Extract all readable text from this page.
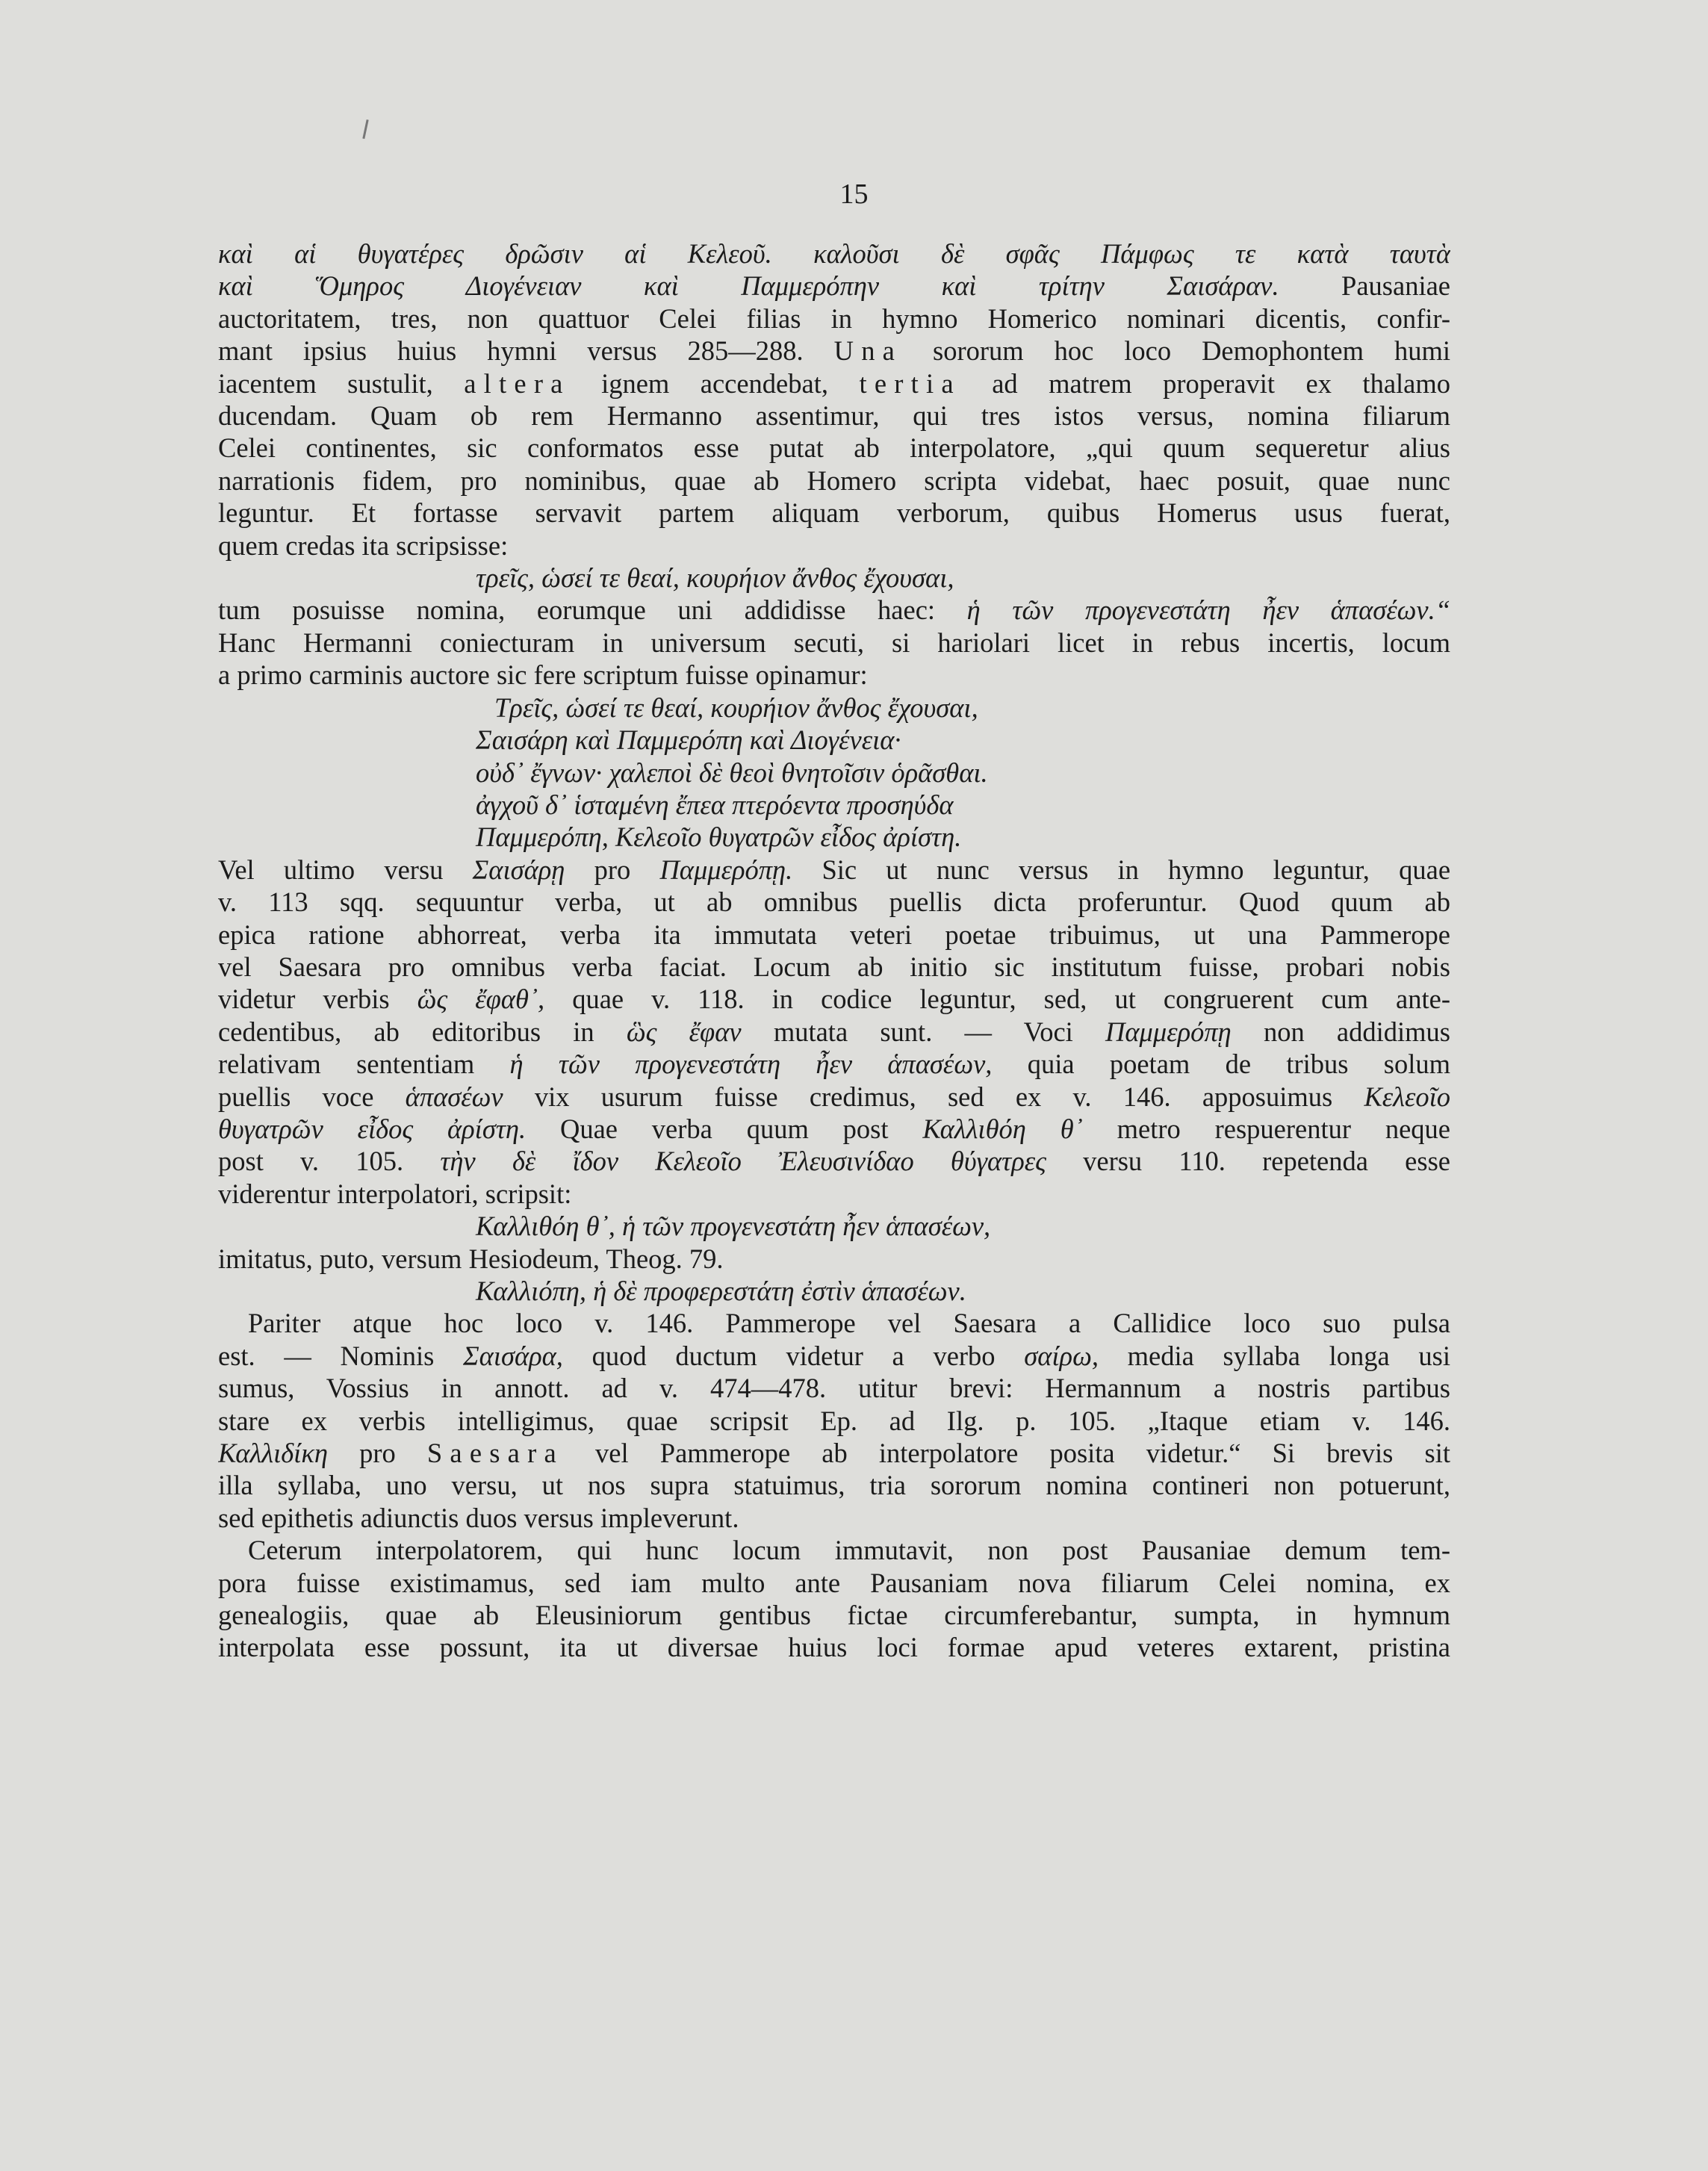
15
καὶ αἱ θυγατέρες δρῶσιν αἱ Κελεοῦ. καλοῦσι δὲ σφᾶς Πάμφως τε κατὰ ταυτὰ
καὶ Ὅμηρος Διογένειαν καὶ Παμμερόπην καὶ τρίτην Σαισάραν. Pausaniae
auctoritatem, tres, non quattuor Celei filias in hymno Homerico nominari dicentis, confir-
mant ipsius huius hymni versus 285—288. Una sororum hoc loco Demophontem humi
iacentem sustulit, altera ignem accendebat, tertia ad matrem properavit ex thalamo
ducendam. Quam ob rem Hermanno assentimur, qui tres istos versus, nomina filiarum
Celei continentes, sic conformatos esse putat ab interpolatore, „qui quum sequeretur alius
narrationis fidem, pro nominibus, quae ab Homero scripta videbat, haec posuit, quae nunc
leguntur. Et fortasse servavit partem aliquam verborum, quibus Homerus usus fuerat,
quem credas ita scripsisse:
τρεῖς, ὡσεί τε θεαί, κουρήιον ἄνθος ἔχουσαι,
tum posuisse nomina, eorumque uni addidisse haec: ἡ τῶν προγενεστάτη ἦεν ἁπασέων.“
Hanc Hermanni coniecturam in universum secuti, si hariolari licet in rebus incertis, locum
a primo carminis auctore sic fere scriptum fuisse opinamur:
Τρεῖς, ὡσεί τε θεαί, κουρήιον ἄνθος ἔχουσαι,
Σαισάρη καὶ Παμμερόπη καὶ Διογένεια·
οὐδ᾽ ἔγνων· χαλεποὶ δὲ θεοὶ θνητοῖσιν ὁρᾶσθαι.
ἀγχοῦ δ᾽ ἱσταμένη ἔπεα πτερόεντα προσηύδα
Παμμερόπη, Κελεοῖο θυγατρῶν εἶδος ἀρίστη.
Vel ultimo versu Σαισάρῃ pro Παμμερόπῃ. Sic ut nunc versus in hymno leguntur, quae
v. 113 sqq. sequuntur verba, ut ab omnibus puellis dicta proferuntur. Quod quum ab
epica ratione abhorreat, verba ita immutata veteri poetae tribuimus, ut una Pammerope
vel Saesara pro omnibus verba faciat. Locum ab initio sic institutum fuisse, probari nobis
videtur verbis ὣς ἔφαθ᾽, quae v. 118. in codice leguntur, sed, ut congruerent cum ante-
cedentibus, ab editoribus in ὣς ἔφαν mutata sunt. — Voci Παμμερόπῃ non addidimus
relativam sententiam ἡ τῶν προγενεστάτη ἦεν ἁπασέων, quia poetam de tribus solum
puellis voce ἁπασέων vix usurum fuisse credimus, sed ex v. 146. apposuimus Κελεοῖο
θυγατρῶν εἶδος ἀρίστη. Quae verba quum post Καλλιθόη θ᾽ metro respuerentur neque
post v. 105. τὴν δὲ ἴδον Κελεοῖο Ἐλευσινίδαο θύγατρες versu 110. repetenda esse
viderentur interpolatori, scripsit:
Καλλιθόη θ᾽, ἡ τῶν προγενεστάτη ἦεν ἁπασέων,
imitatus, puto, versum Hesiodeum, Theog. 79.
Καλλιόπη, ἡ δὲ προφερεστάτη ἐστὶν ἁπασέων.
Pariter atque hoc loco v. 146. Pammerope vel Saesara a Callidice loco suo pulsa
est. — Nominis Σαισάρα, quod ductum videtur a verbo σαίρω, media syllaba longa usi
sumus, Vossius in annott. ad v. 474—478. utitur brevi: Hermannum a nostris partibus
stare ex verbis intelligimus, quae scripsit Ep. ad Ilg. p. 105. „Itaque etiam v. 146.
Καλλιδίκη pro Saesara vel Pammerope ab interpolatore posita videtur.“ Si brevis sit
illa syllaba, uno versu, ut nos supra statuimus, tria sororum nomina contineri non potuerunt,
sed epithetis adiunctis duos versus impleverunt.
Ceterum interpolatorem, qui hunc locum immutavit, non post Pausaniae demum tem-
pora fuisse existimamus, sed iam multo ante Pausaniam nova filiarum Celei nomina, ex
genealogiis, quae ab Eleusiniorum gentibus fictae circumferebantur, sumpta, in hymnum
interpolata esse possunt, ita ut diversae huius loci formae apud veteres extarent, pristina
